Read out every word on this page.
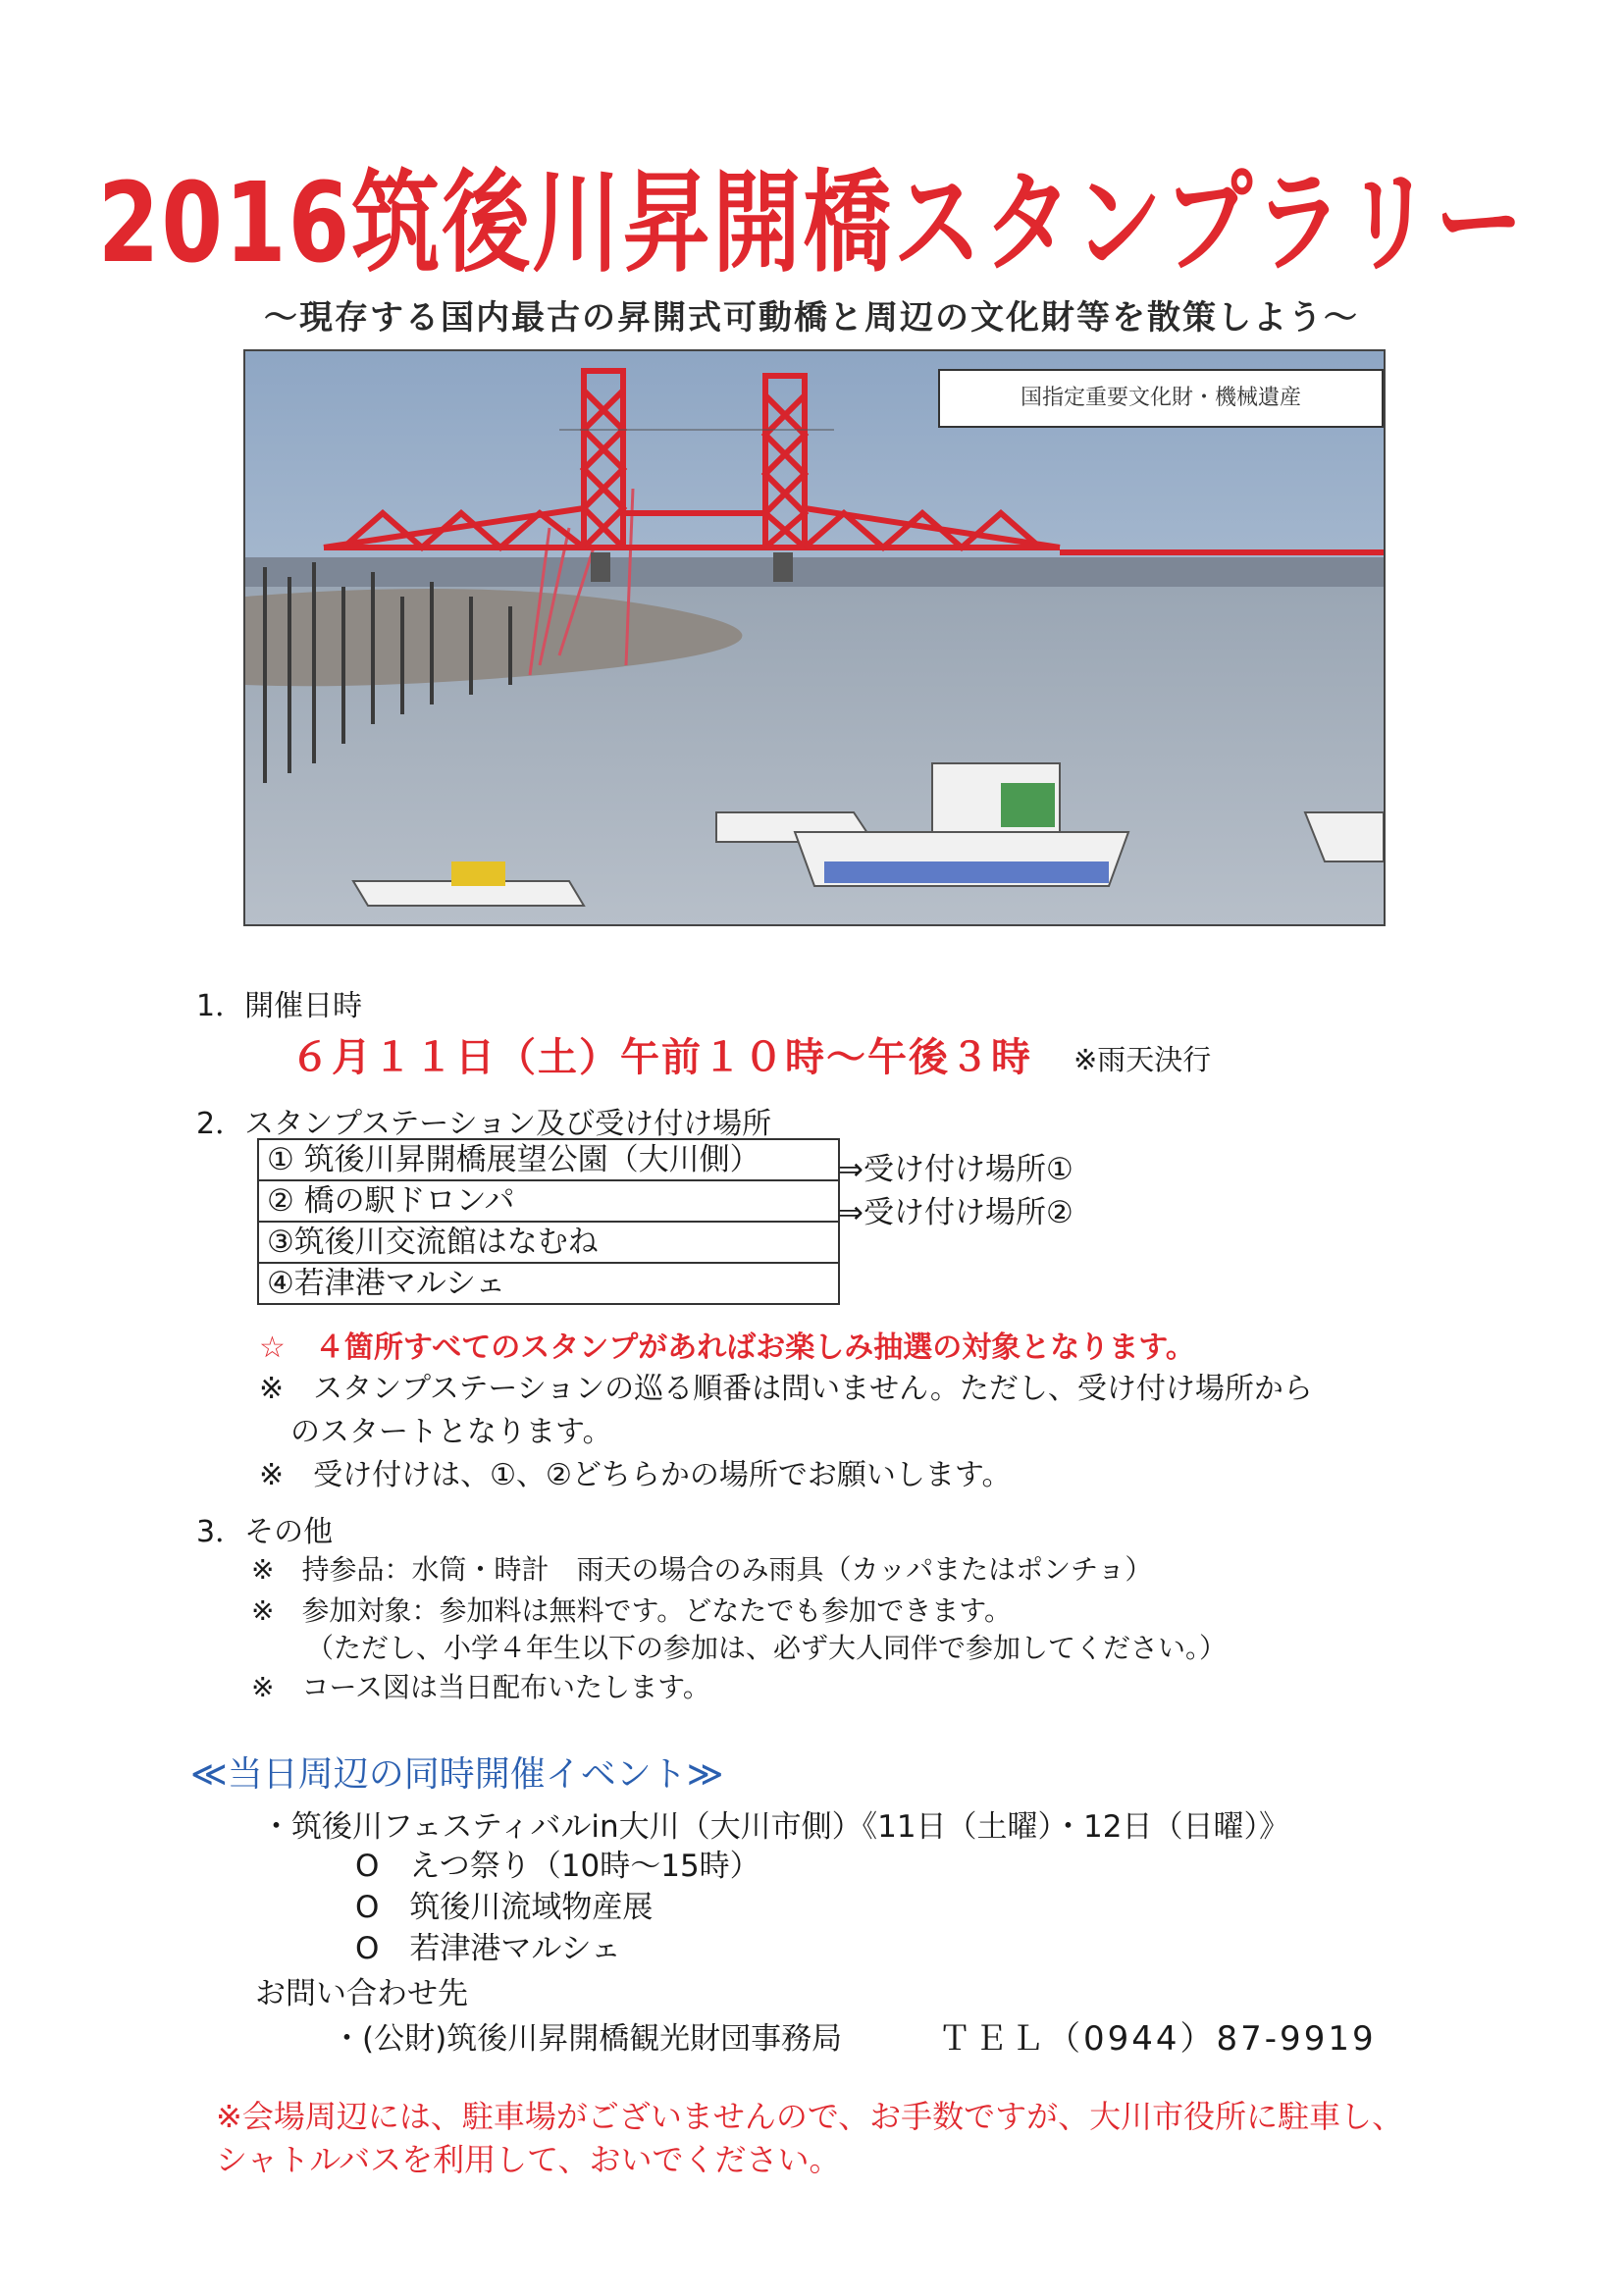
2016筑後川昇開橋スタンプラリー
～現存する国内最古の昇開式可動橋と周辺の文化財等を散策しよう～
国指定重要文化財・機械遺産
1．開催日時
６月１１日（土）午前１０時～午後３時 ※雨天決行
2．スタンプステーション及び受け付け場所
① 筑後川昇開橋展望公園（大川側）
② 橋の駅ドロンパ
③筑後川交流館はなむね
④若津港マルシェ
⇒受け付け場所①
⇒受け付け場所②
☆　４箇所すべてのスタンプがあればお楽しみ抽選の対象となります。
※　スタンプステーションの巡る順番は問いません。ただし、受け付け場所から
のスタートとなります。
※　受け付けは、①、②どちらかの場所でお願いします。
3．その他
※　持参品：水筒・時計　雨天の場合のみ雨具（カッパまたはポンチョ）
※　参加対象：参加料は無料です。どなたでも参加できます。
（ただし、小学４年生以下の参加は、必ず大人同伴で参加してください。）
※　コース図は当日配布いたします。
≪当日周辺の同時開催イベント≫
・筑後川フェスティバルin大川（大川市側）《11日（土曜）・12日（日曜）》
O　えつ祭り（10時～15時）
O　筑後川流域物産展
O　若津港マルシェ
お問い合わせ先
・(公財)筑後川昇開橋観光財団事務局	ＴＥＬ（0944）87-9919
※会場周辺には、駐車場がございませんので、お手数ですが、大川市役所に駐車し、
シャトルバスを利用して、おいでください。
